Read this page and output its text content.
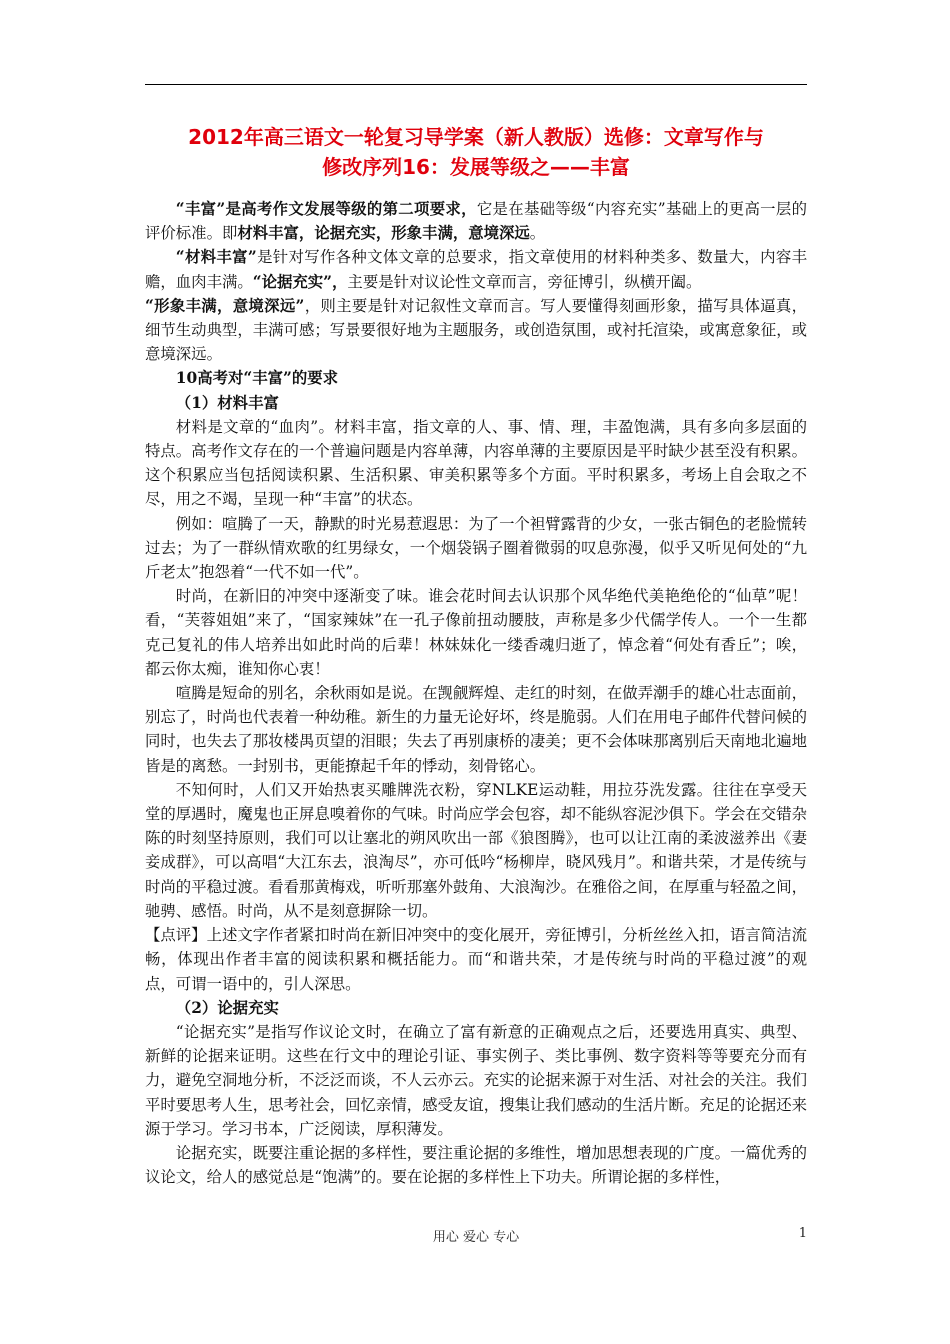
2012年高三语文一轮复习导学案（新人教版）选修：文章写作与
修改序列16：发展等级之——丰富

“丰富”是高考作文发展等级的第二项要求，它是在基础等级“内容充实”基础上的更高一层的评价标准。即材料丰富，论据充实，形象丰满，意境深远。

“材料丰富”是针对写作各种文体文章的总要求，指文章使用的材料种类多、数量大，内容丰赡，血肉丰满。“论据充实”，主要是针对议论性文章而言，旁征博引，纵横开阖。

“形象丰满，意境深远”，则主要是针对记叙性文章而言。写人要懂得刻画形象，描写具体逼真，细节生动典型，丰满可感；写景要很好地为主题服务，或创造氛围，或衬托渲染，或寓意象征，或意境深远。

10高考对“丰富”的要求

（1）材料丰富

材料是文章的“血肉”。材料丰富，指文章的人、事、情、理，丰盈饱满，具有多向多层面的特点。高考作文存在的一个普遍问题是内容单薄，内容单薄的主要原因是平时缺少甚至没有积累。这个积累应当包括阅读积累、生活积累、审美积累等多个方面。平时积累多，考场上自会取之不尽，用之不竭，呈现一种“丰富”的状态。

例如：喧腾了一天，静默的时光易惹遐思：为了一个袒臂露背的少女，一张古铜色的老脸慌转过去；为了一群纵情欢歌的红男绿女，一个烟袋锅子圈着微弱的叹息弥漫，似乎又听见何处的“九斤老太”抱怨着“一代不如一代”。

时尚，在新旧的冲突中逐渐变了味。谁会花时间去认识那个风华绝代美艳绝伦的“仙草”呢！看，“芙蓉姐姐”来了，“国家辣妹”在一孔子像前扭动腰肢，声称是多少代儒学传人。一个一生都克己复礼的伟人培养出如此时尚的后辈！林妹妹化一缕香魂归逝了，悼念着“何处有香丘”；唉，都云你太痴，谁知你心衷！

喧腾是短命的别名，余秋雨如是说。在觊觎辉煌、走红的时刻，在做弄潮手的雄心壮志面前，别忘了，时尚也代表着一种幼稚。新生的力量无论好坏，终是脆弱。人们在用电子邮件代替问候的同时，也失去了那妆楼禺页望的泪眼；失去了再别康桥的凄美；更不会体味那离别后天南地北遍地皆是的离愁。一封别书，更能撩起千年的悸动，刻骨铭心。

不知何时，人们又开始热衷买雕牌洗衣粉，穿NLKE运动鞋，用拉芬洗发露。往往在享受天堂的厚遇时，魔鬼也正屏息嗅着你的气味。时尚应学会包容，却不能纵容泥沙俱下。学会在交错杂陈的时刻坚持原则，我们可以让塞北的朔风吹出一部《狼图腾》，也可以让江南的柔波滋养出《妻妾成群》，可以高唱“大江东去，浪淘尽”，亦可低吟“杨柳岸，晓风残月”。和谐共荣，才是传统与时尚的平稳过渡。看看那黄梅戏，听听那塞外鼓角、大浪淘沙。在雅俗之间，在厚重与轻盈之间，驰骋、感悟。时尚，从不是刻意摒除一切。

【点评】上述文字作者紧扣时尚在新旧冲突中的变化展开，旁征博引，分析丝丝入扣，语言简洁流畅，体现出作者丰富的阅读积累和概括能力。而“和谐共荣，才是传统与时尚的平稳过渡”的观点，可谓一语中的，引人深思。

（2）论据充实

“论据充实”是指写作议论文时，在确立了富有新意的正确观点之后，还要选用真实、典型、新鲜的论据来证明。这些在行文中的理论引证、事实例子、类比事例、数字资料等等要充分而有力，避免空洞地分析，不泛泛而谈，不人云亦云。充实的论据来源于对生活、对社会的关注。我们平时要思考人生，思考社会，回忆亲情，感受友谊，搜集让我们感动的生活片断。充足的论据还来源于学习。学习书本，广泛阅读，厚积薄发。

论据充实，既要注重论据的多样性，要注重论据的多维性，增加思想表现的广度。一篇优秀的议论文，给人的感觉总是“饱满”的。要在论据的多样性上下功夫。所谓论据的多样性，

用心 爱心 专心	1
